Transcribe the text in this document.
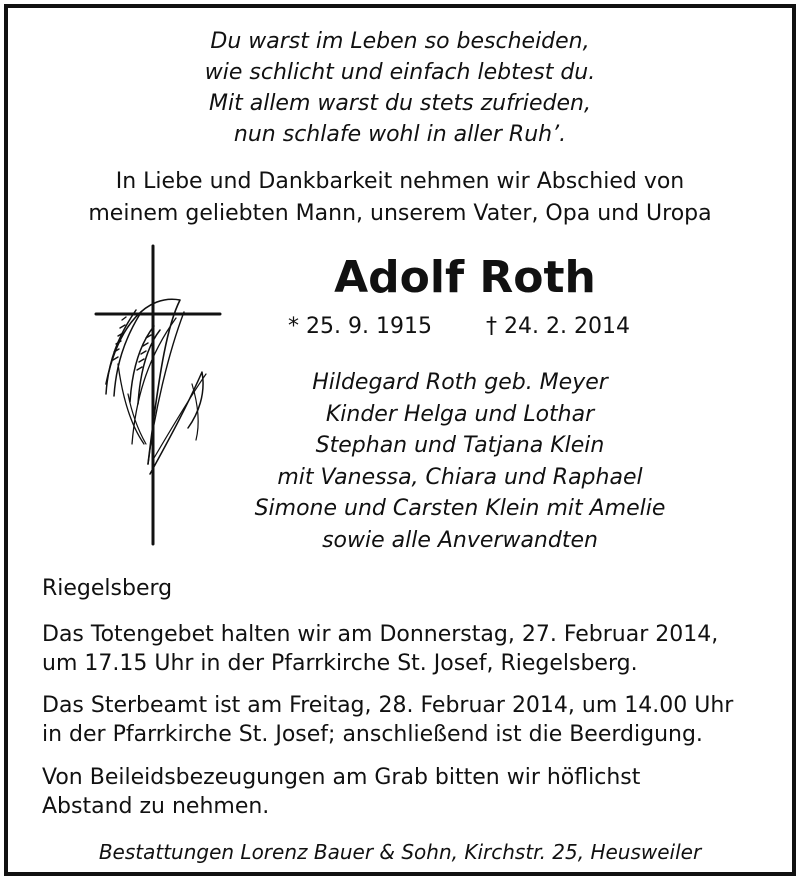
Du warst im Leben so bescheiden,
wie schlicht und einfach lebtest du.
Mit allem warst du stets zufrieden,
nun schlafe wohl in aller Ruh’.
In Liebe und Dankbarkeit nehmen wir Abschied von
meinem geliebten Mann, unserem Vater, Opa und Uropa
Adolf Roth
* 25. 9. 1915 † 24. 2. 2014
Hildegard Roth geb. Meyer
Kinder Helga und Lothar
Stephan und Tatjana Klein
mit Vanessa, Chiara und Raphael
Simone und Carsten Klein mit Amelie
sowie alle Anverwandten
Riegelsberg
Das Totengebet halten wir am Donnerstag, 27. Februar 2014,
um 17.15 Uhr in der Pfarrkirche St. Josef, Riegelsberg.
Das Sterbeamt ist am Freitag, 28. Februar 2014, um 14.00 Uhr
in der Pfarrkirche St. Josef; anschließend ist die Beerdigung.
Von Beileidsbezeugungen am Grab bitten wir höflichst
Abstand zu nehmen.
Bestattungen Lorenz Bauer & Sohn, Kirchstr. 25, Heusweiler
